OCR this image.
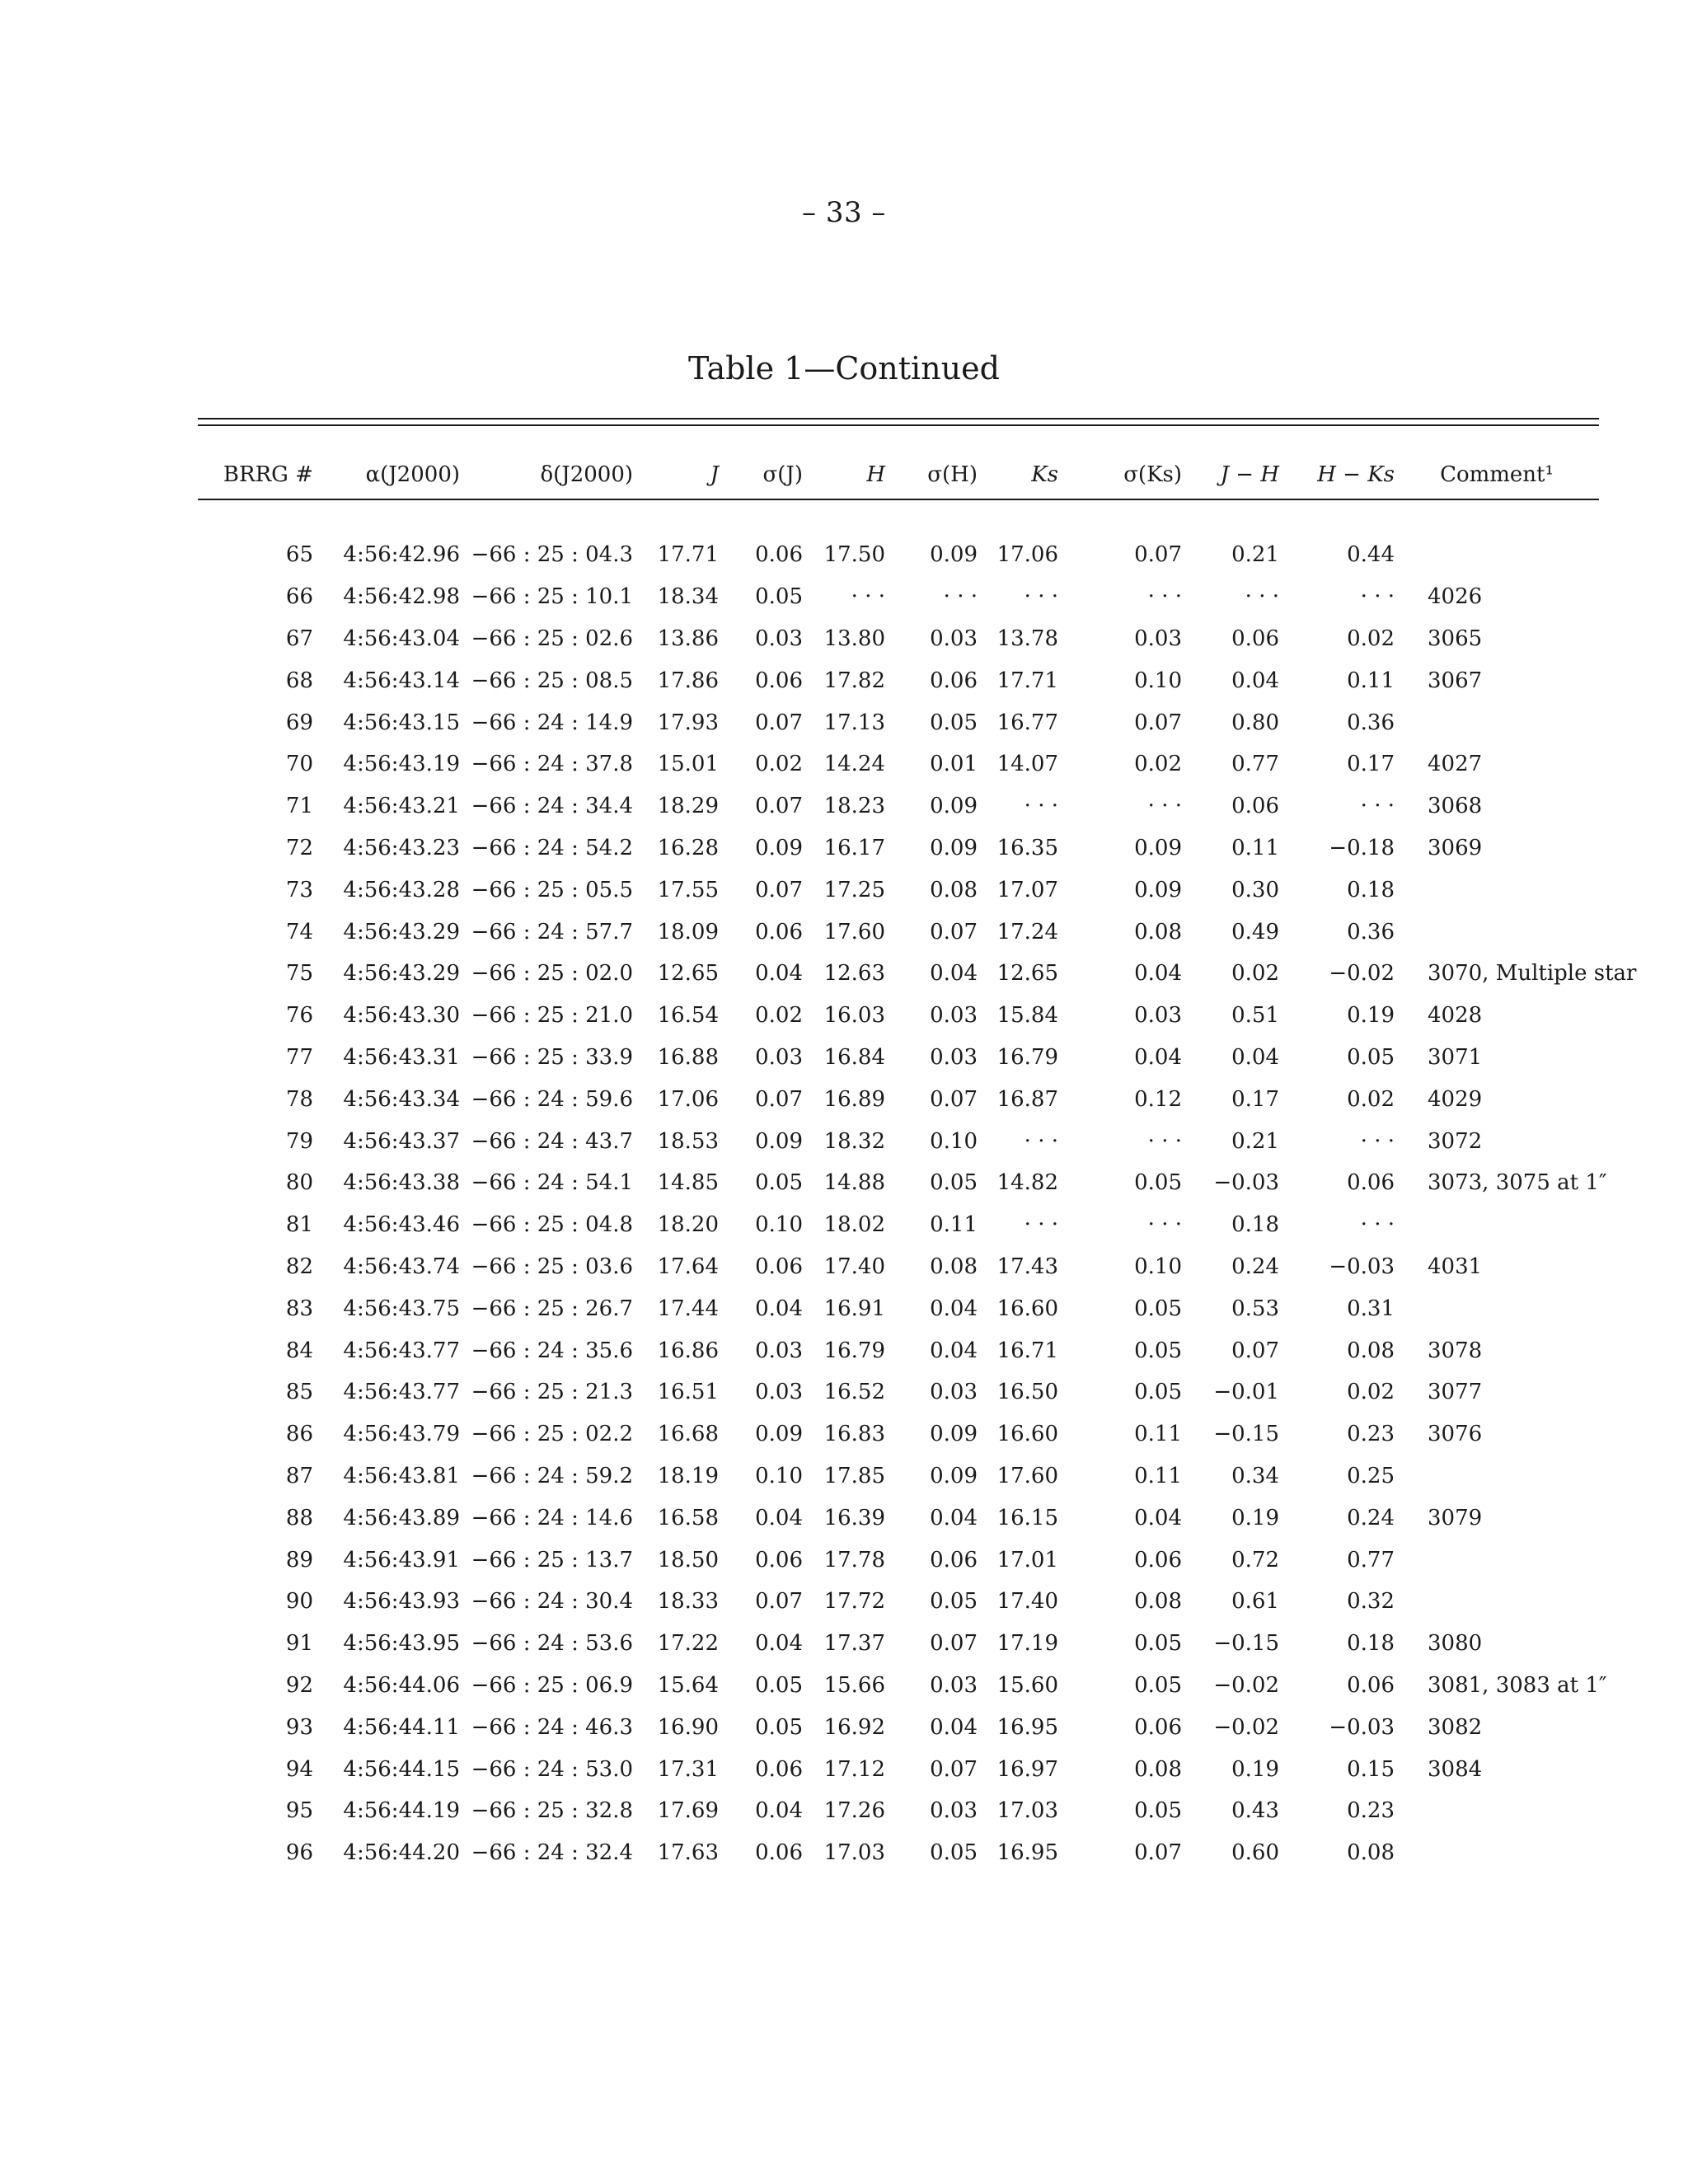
– 33 –
Table 1—Continued
BRRG #	α(J2000)	δ(J2000)	J	σ(J)	H	σ(H)	Ks	σ(Ks)	J − H	H − Ks	Comment¹
65	4:56:42.96	−66 : 25 : 04.3	17.71	0.06	17.50	0.09	17.06	0.07	0.21	0.44	
66	4:56:42.98	−66 : 25 : 10.1	18.34	0.05	· · ·	· · ·	· · ·	· · ·	· · ·	· · ·	4026
67	4:56:43.04	−66 : 25 : 02.6	13.86	0.03	13.80	0.03	13.78	0.03	0.06	0.02	3065
68	4:56:43.14	−66 : 25 : 08.5	17.86	0.06	17.82	0.06	17.71	0.10	0.04	0.11	3067
69	4:56:43.15	−66 : 24 : 14.9	17.93	0.07	17.13	0.05	16.77	0.07	0.80	0.36	
70	4:56:43.19	−66 : 24 : 37.8	15.01	0.02	14.24	0.01	14.07	0.02	0.77	0.17	4027
71	4:56:43.21	−66 : 24 : 34.4	18.29	0.07	18.23	0.09	· · ·	· · ·	0.06	· · ·	3068
72	4:56:43.23	−66 : 24 : 54.2	16.28	0.09	16.17	0.09	16.35	0.09	0.11	−0.18	3069
73	4:56:43.28	−66 : 25 : 05.5	17.55	0.07	17.25	0.08	17.07	0.09	0.30	0.18	
74	4:56:43.29	−66 : 24 : 57.7	18.09	0.06	17.60	0.07	17.24	0.08	0.49	0.36	
75	4:56:43.29	−66 : 25 : 02.0	12.65	0.04	12.63	0.04	12.65	0.04	0.02	−0.02	3070, Multiple star
76	4:56:43.30	−66 : 25 : 21.0	16.54	0.02	16.03	0.03	15.84	0.03	0.51	0.19	4028
77	4:56:43.31	−66 : 25 : 33.9	16.88	0.03	16.84	0.03	16.79	0.04	0.04	0.05	3071
78	4:56:43.34	−66 : 24 : 59.6	17.06	0.07	16.89	0.07	16.87	0.12	0.17	0.02	4029
79	4:56:43.37	−66 : 24 : 43.7	18.53	0.09	18.32	0.10	· · ·	· · ·	0.21	· · ·	3072
80	4:56:43.38	−66 : 24 : 54.1	14.85	0.05	14.88	0.05	14.82	0.05	−0.03	0.06	3073, 3075 at 1″
81	4:56:43.46	−66 : 25 : 04.8	18.20	0.10	18.02	0.11	· · ·	· · ·	0.18	· · ·	
82	4:56:43.74	−66 : 25 : 03.6	17.64	0.06	17.40	0.08	17.43	0.10	0.24	−0.03	4031
83	4:56:43.75	−66 : 25 : 26.7	17.44	0.04	16.91	0.04	16.60	0.05	0.53	0.31	
84	4:56:43.77	−66 : 24 : 35.6	16.86	0.03	16.79	0.04	16.71	0.05	0.07	0.08	3078
85	4:56:43.77	−66 : 25 : 21.3	16.51	0.03	16.52	0.03	16.50	0.05	−0.01	0.02	3077
86	4:56:43.79	−66 : 25 : 02.2	16.68	0.09	16.83	0.09	16.60	0.11	−0.15	0.23	3076
87	4:56:43.81	−66 : 24 : 59.2	18.19	0.10	17.85	0.09	17.60	0.11	0.34	0.25	
88	4:56:43.89	−66 : 24 : 14.6	16.58	0.04	16.39	0.04	16.15	0.04	0.19	0.24	3079
89	4:56:43.91	−66 : 25 : 13.7	18.50	0.06	17.78	0.06	17.01	0.06	0.72	0.77	
90	4:56:43.93	−66 : 24 : 30.4	18.33	0.07	17.72	0.05	17.40	0.08	0.61	0.32	
91	4:56:43.95	−66 : 24 : 53.6	17.22	0.04	17.37	0.07	17.19	0.05	−0.15	0.18	3080
92	4:56:44.06	−66 : 25 : 06.9	15.64	0.05	15.66	0.03	15.60	0.05	−0.02	0.06	3081, 3083 at 1″
93	4:56:44.11	−66 : 24 : 46.3	16.90	0.05	16.92	0.04	16.95	0.06	−0.02	−0.03	3082
94	4:56:44.15	−66 : 24 : 53.0	17.31	0.06	17.12	0.07	16.97	0.08	0.19	0.15	3084
95	4:56:44.19	−66 : 25 : 32.8	17.69	0.04	17.26	0.03	17.03	0.05	0.43	0.23	
96	4:56:44.20	−66 : 24 : 32.4	17.63	0.06	17.03	0.05	16.95	0.07	0.60	0.08	
